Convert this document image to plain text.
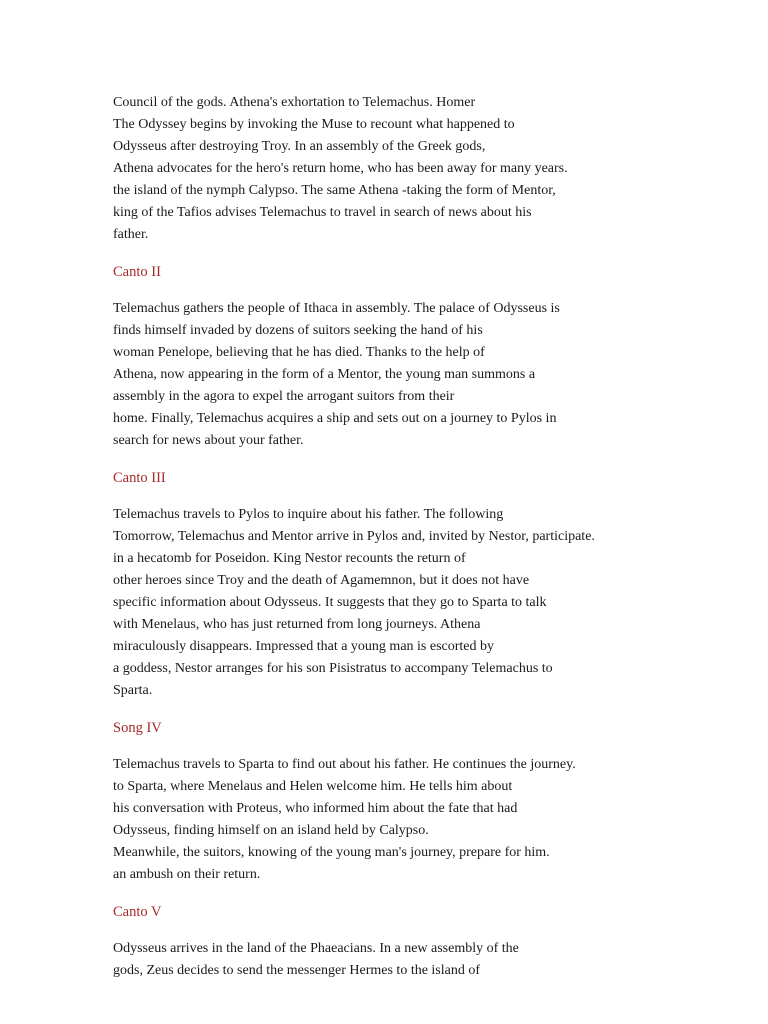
Council of the gods. Athena's exhortation to Telemachus. Homer
The Odyssey begins by invoking the Muse to recount what happened to
Odysseus after destroying Troy. In an assembly of the Greek gods,
Athena advocates for the hero's return home, who has been away for many years.
the island of the nymph Calypso. The same Athena -taking the form of Mentor,
king of the Tafios advises Telemachus to travel in search of news about his
father.
Canto II
Telemachus gathers the people of Ithaca in assembly. The palace of Odysseus is
finds himself invaded by dozens of suitors seeking the hand of his
woman Penelope, believing that he has died. Thanks to the help of
Athena, now appearing in the form of a Mentor, the young man summons a
assembly in the agora to expel the arrogant suitors from their
home. Finally, Telemachus acquires a ship and sets out on a journey to Pylos in
search for news about your father.
Canto III
Telemachus travels to Pylos to inquire about his father. The following
Tomorrow, Telemachus and Mentor arrive in Pylos and, invited by Nestor, participate.
in a hecatomb for Poseidon. King Nestor recounts the return of
other heroes since Troy and the death of Agamemnon, but it does not have
specific information about Odysseus. It suggests that they go to Sparta to talk
with Menelaus, who has just returned from long journeys. Athena
miraculously disappears. Impressed that a young man is escorted by
a goddess, Nestor arranges for his son Pisistratus to accompany Telemachus to
Sparta.
Song IV
Telemachus travels to Sparta to find out about his father. He continues the journey.
to Sparta, where Menelaus and Helen welcome him. He tells him about
his conversation with Proteus, who informed him about the fate that had
Odysseus, finding himself on an island held by Calypso.
Meanwhile, the suitors, knowing of the young man's journey, prepare for him.
an ambush on their return.
Canto V
Odysseus arrives in the land of the Phaeacians. In a new assembly of the
gods, Zeus decides to send the messenger Hermes to the island of
